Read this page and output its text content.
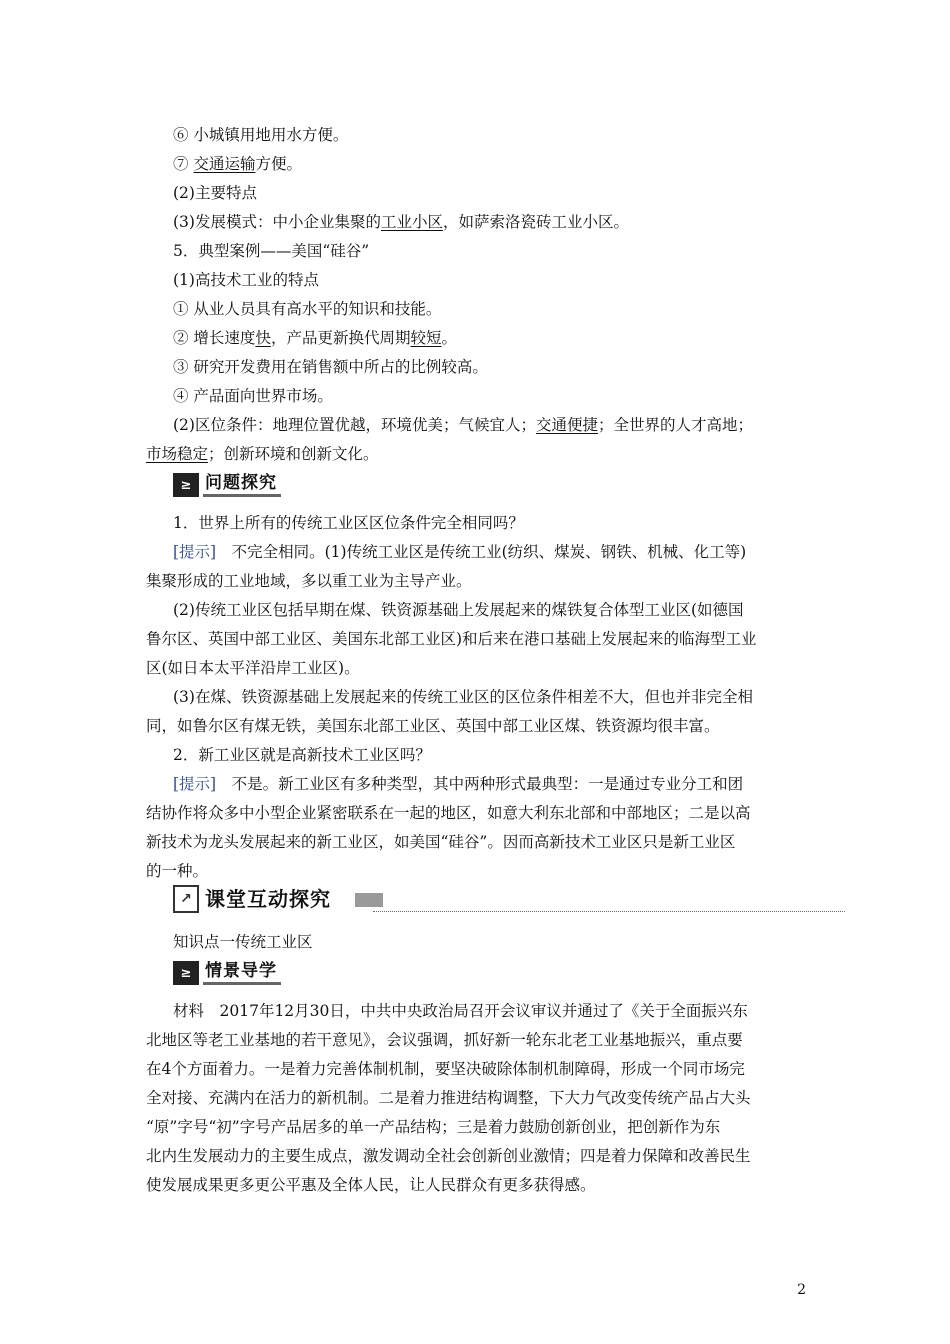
⑥ 小城镇用地用水方便。
⑦ 交通运输方便。
(2)主要特点
(3)发展模式：中小企业集聚的工业小区，如萨索洛瓷砖工业小区。
5．典型案例——美国“硅谷”
(1)高技术工业的特点
① 从业人员具有高水平的知识和技能。
② 增长速度快，产品更新换代周期较短。
③ 研究开发费用在销售额中所占的比例较高。
④ 产品面向世界市场。
(2)区位条件：地理位置优越，环境优美；气候宜人；交通便捷；全世界的人才高地；
市场稳定；创新环境和创新文化。
≥ 问题探究
1．世界上所有的传统工业区区位条件完全相同吗？
[提示]　 不完全相同。(1)传统工业区是传统工业(纺织、煤炭、钢铁、机械、化工等)
集聚形成的工业地域，多以重工业为主导产业。
(2)传统工业区包括早期在煤、铁资源基础上发展起来的煤铁复合体型工业区(如德国
鲁尔区、英国中部工业区、美国东北部工业区)和后来在港口基础上发展起来的临海型工业
区(如日本太平洋沿岸工业区)。
(3)在煤、铁资源基础上发展起来的传统工业区的区位条件相差不大，但也并非完全相
同，如鲁尔区有煤无铁，美国东北部工业区、英国中部工业区煤、铁资源均很丰富。
2．新工业区就是高新技术工业区吗？
[提示]　 不是。新工业区有多种类型，其中两种形式最典型：一是通过专业分工和团
结协作将众多中小型企业紧密联系在一起的地区，如意大利东北部和中部地区；二是以高
新技术为龙头发展起来的新工业区，如美国“硅谷”。因而高新技术工业区只是新工业区
的一种。
↗ 课堂互动探究
知识点一传统工业区
≥ 情景导学
材料　2017年12月30日，中共中央政治局召开会议审议并通过了《关于全面振兴东
北地区等老工业基地的若干意见》，会议强调，抓好新一轮东北老工业基地振兴，重点要
在4个方面着力。一是着力完善体制机制，要坚决破除体制机制障碍，形成一个同市场完
全对接、充满内在活力的新机制。二是着力推进结构调整，下大力气改变传统产品占大头
“原”字号“初”字号产品居多的单一产品结构；三是着力鼓励创新创业，把创新作为东
北内生发展动力的主要生成点，激发调动全社会创新创业激情；四是着力保障和改善民生
使发展成果更多更公平惠及全体人民，让人民群众有更多获得感。
2
